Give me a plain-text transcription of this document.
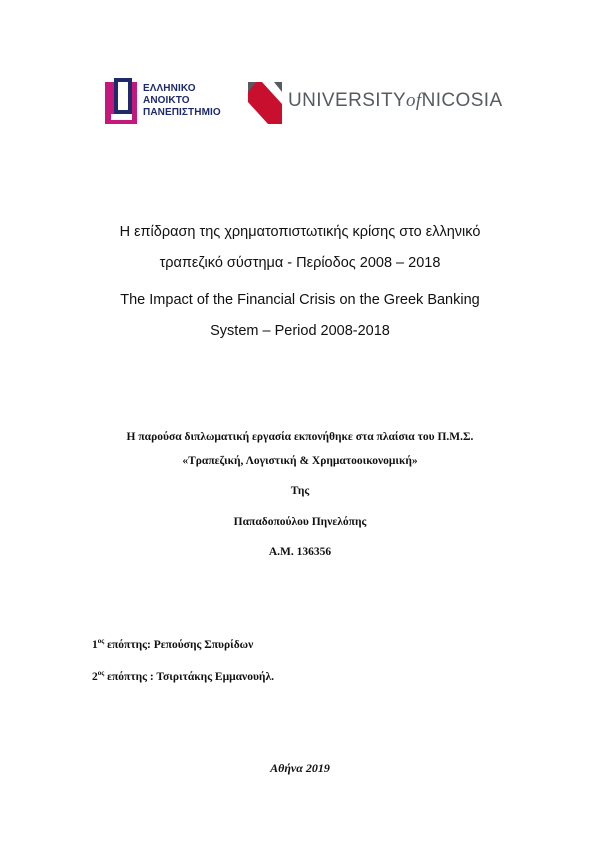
ΕΛΛΗΝΙΚΟ
ΑΝΟΙΚΤΟ
ΠΑΝΕΠΙΣΤΗΜΙΟ
UNIVERSITYofNICOSIA
Η επίδραση της χρηματοπιστωτικής κρίσης στο ελληνικό
τραπεζικό σύστημα - Περίοδος 2008 – 2018
The Impact of the Financial Crisis on the Greek Banking
System – Period 2008-2018
Η παρούσα διπλωματική εργασία εκπονήθηκε στα πλαίσια του Π.Μ.Σ.
«Τραπεζική, Λογιστική & Χρηματοοικονομική»
Της
Παπαδοπούλου Πηνελόπης
Α.Μ. 136356
$1^{o\varsigma}$ επόπτης: Ρεπούσης Σπυρίδων
$2^{o\varsigma}$ επόπτης : Τσιριτάκης Εμμανουήλ.
Αθήνα 2019
